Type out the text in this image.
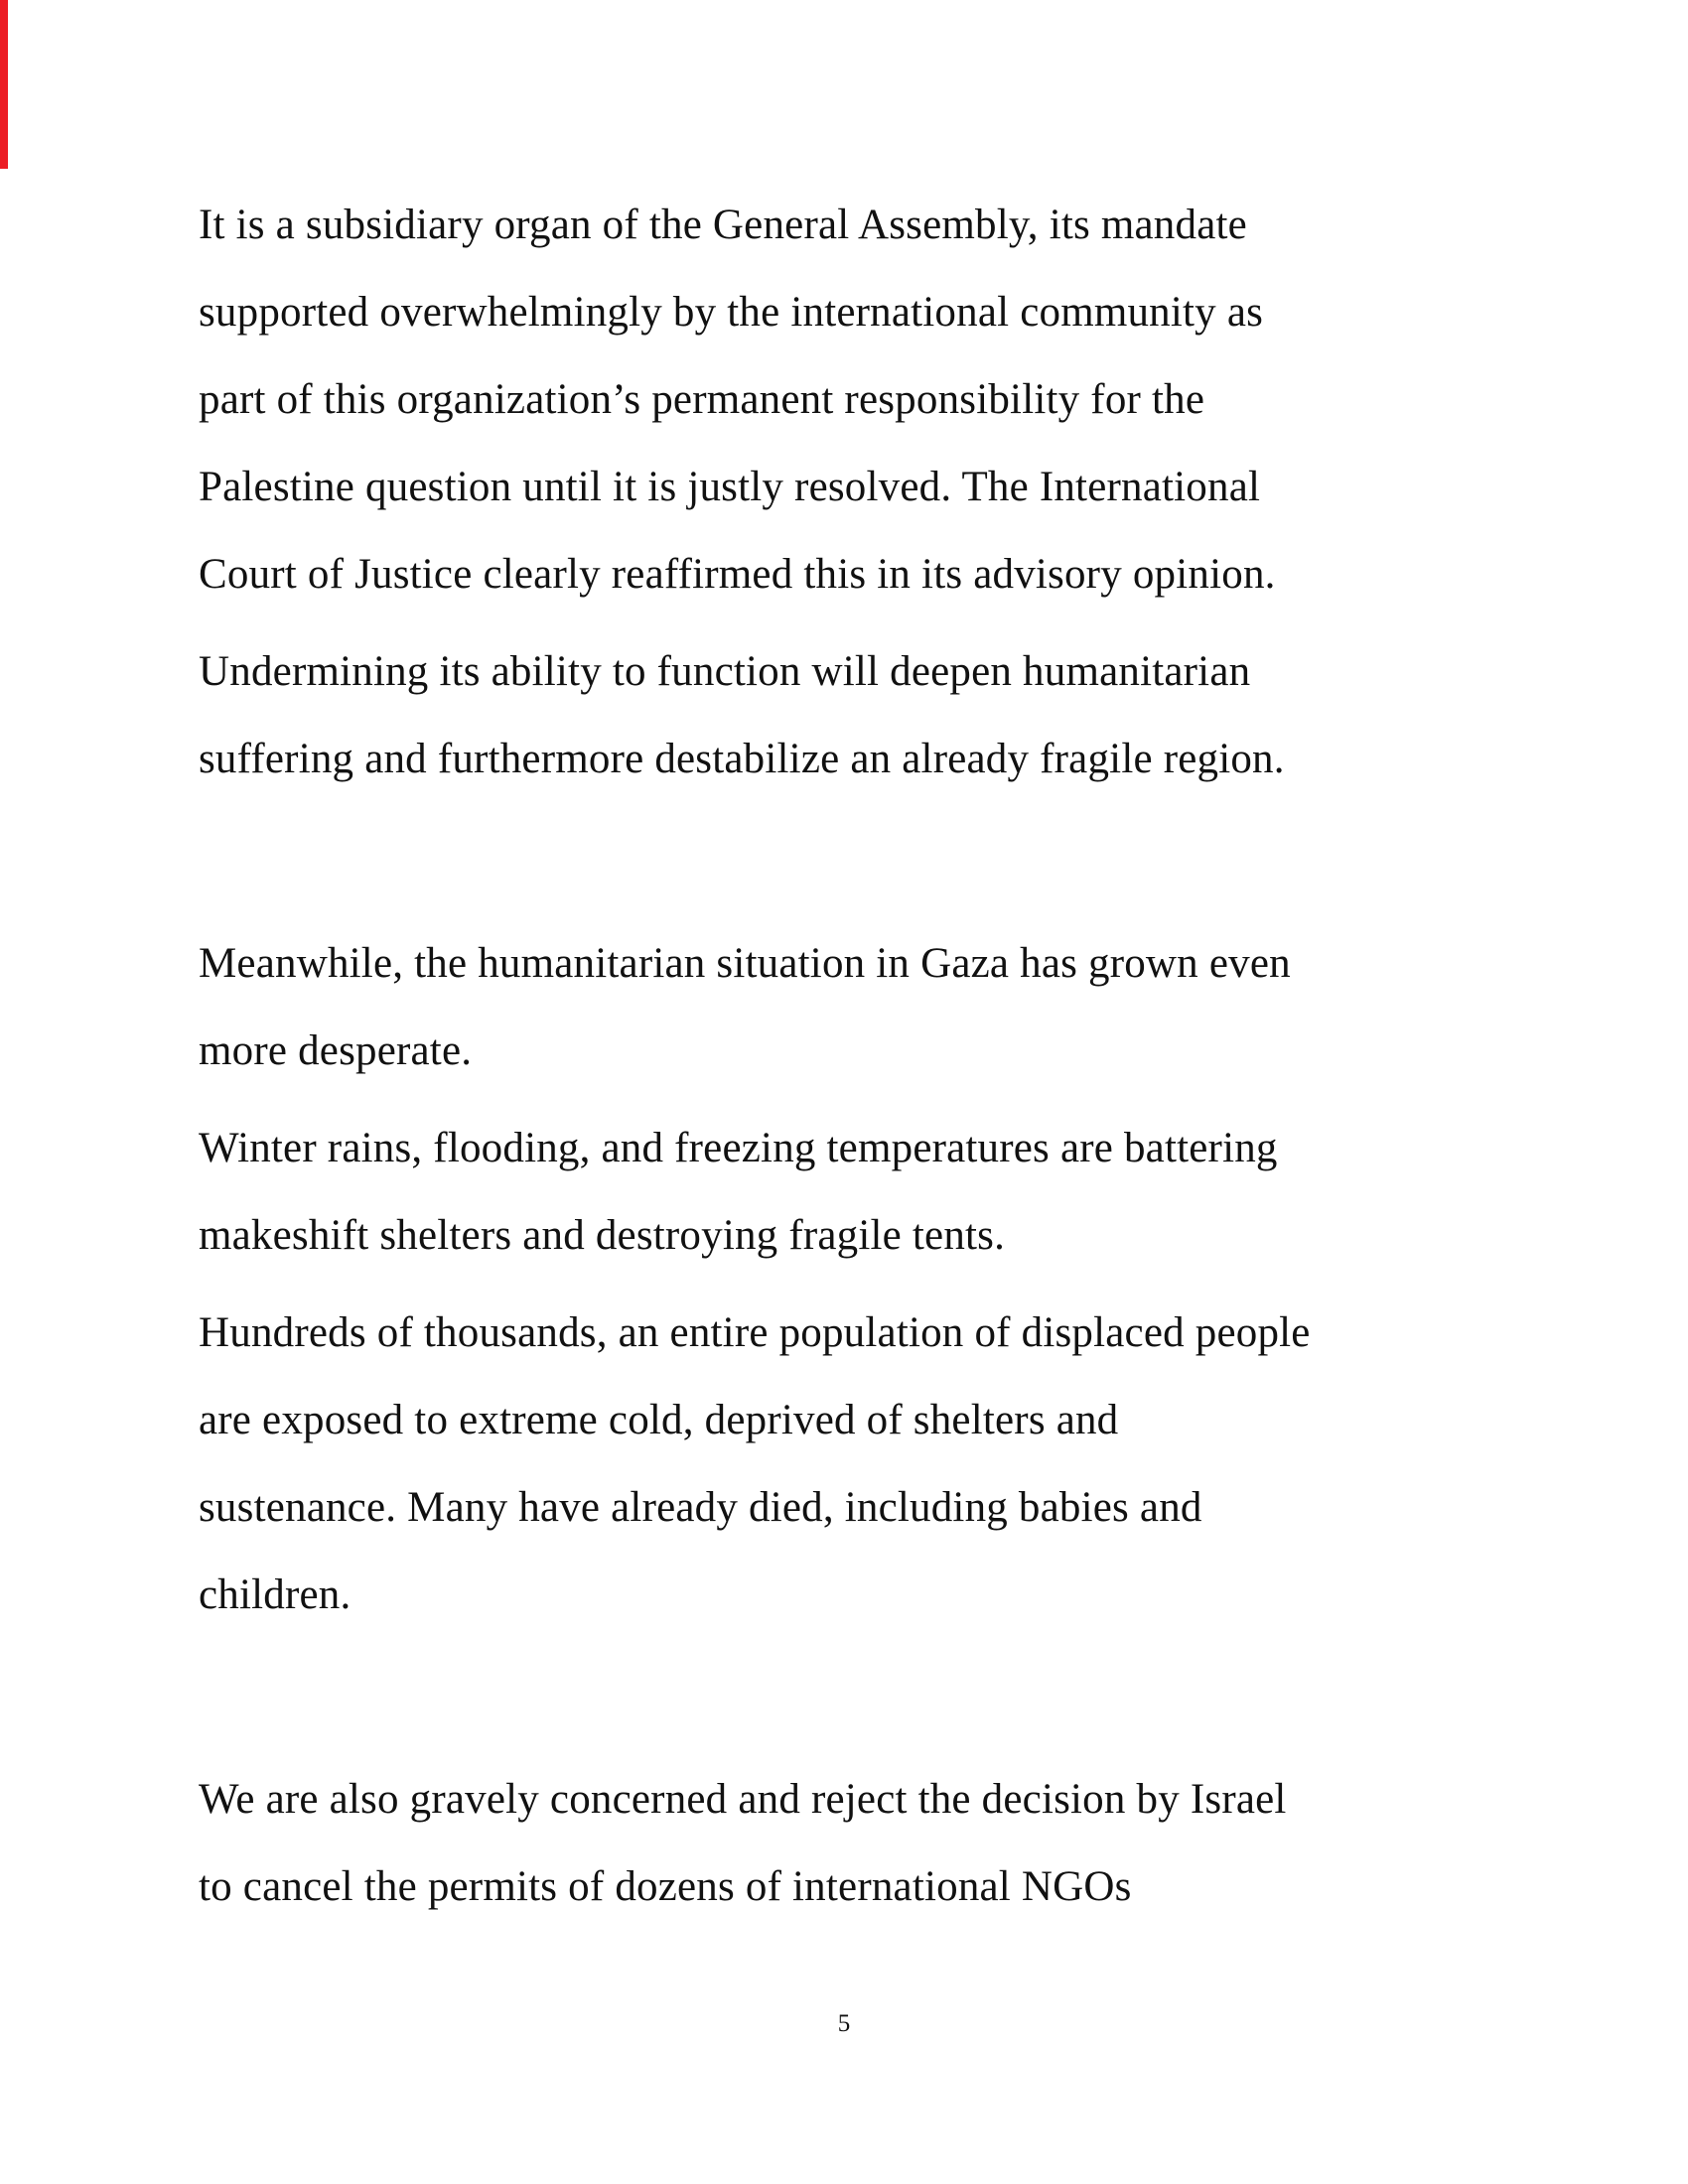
It is a subsidiary organ of the General Assembly, its mandate
supported overwhelmingly by the international community as
part of this organization’s permanent responsibility for the
Palestine question until it is justly resolved. The International
Court of Justice clearly reaffirmed this in its advisory opinion.

Undermining its ability to function will deepen humanitarian
suffering and furthermore destabilize an already fragile region.

Meanwhile, the humanitarian situation in Gaza has grown even
more desperate.

Winter rains, flooding, and freezing temperatures are battering
makeshift shelters and destroying fragile tents.

Hundreds of thousands, an entire population of displaced people
are exposed to extreme cold, deprived of shelters and
sustenance. Many have already died, including babies and
children.

We are also gravely concerned and reject the decision by Israel
to cancel the permits of dozens of international NGOs

5
